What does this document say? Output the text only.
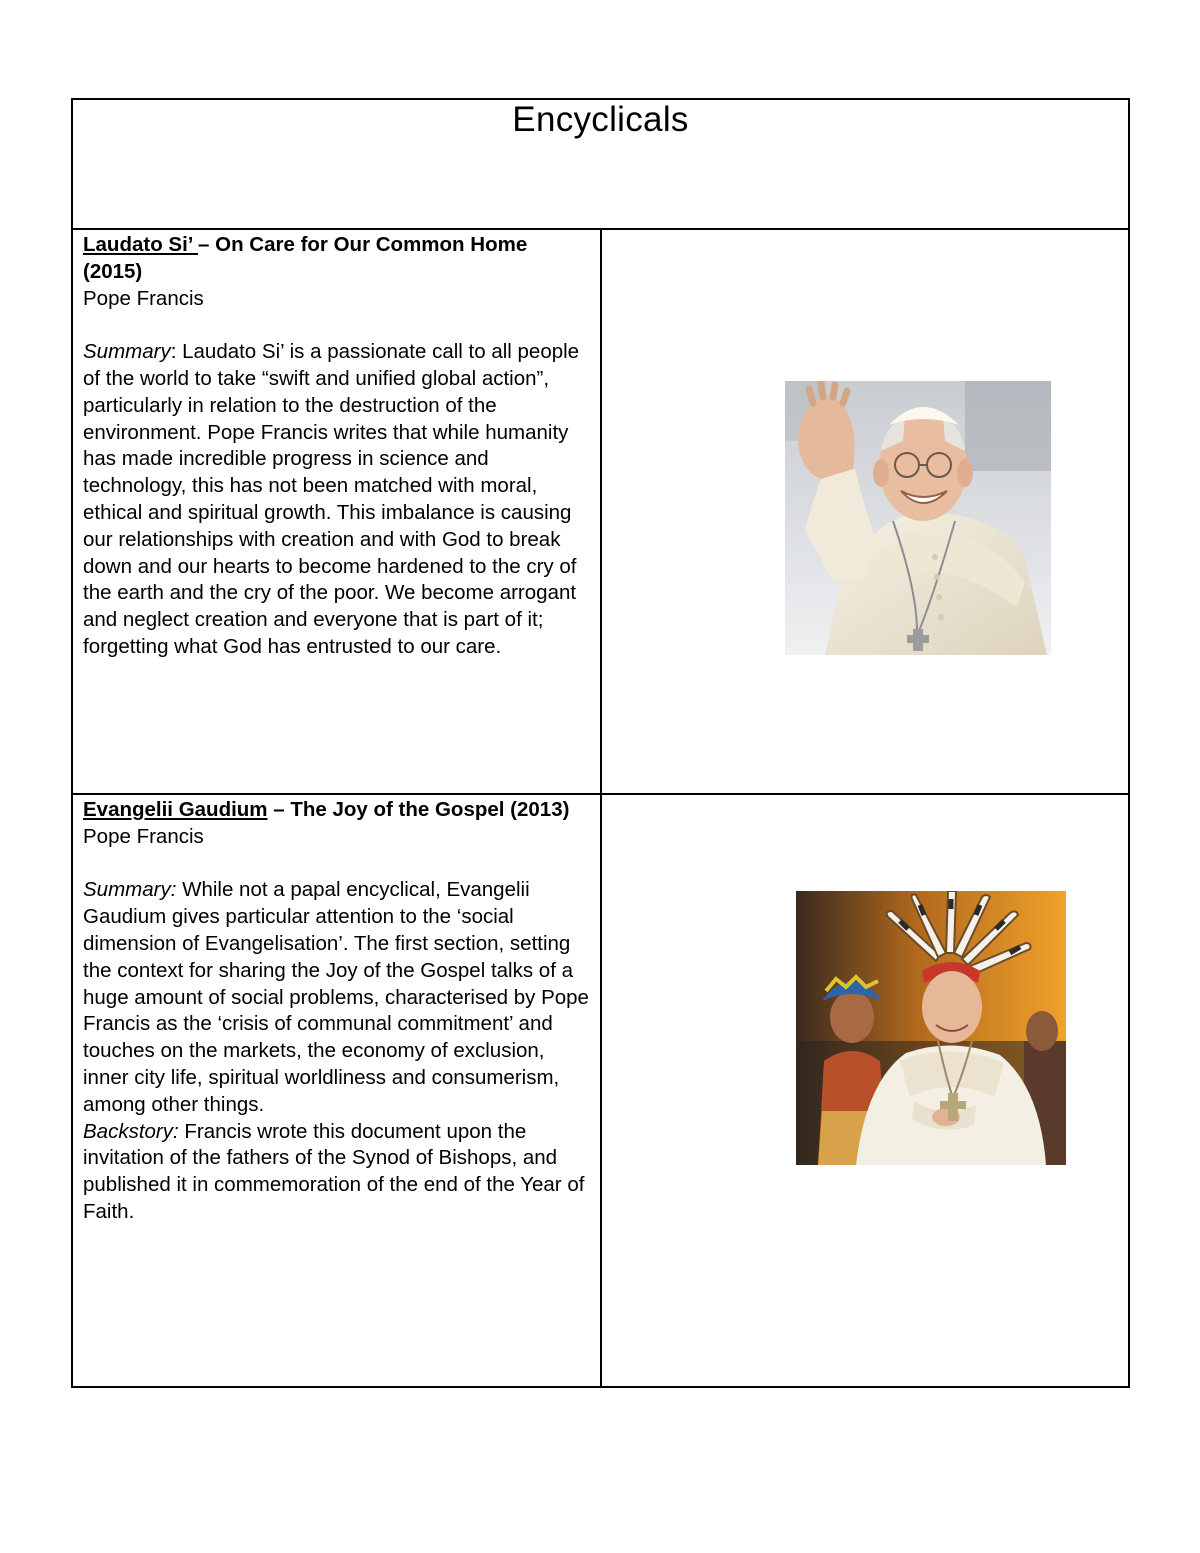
Encyclicals	

Laudato Si’ – On Care for Our Common Home (2015)
Pope Francis
Summary: Laudato Si’ is a passionate call to all people of the world to take “swift and unified global action”, particularly in relation to the destruction of the environment. Pope Francis writes that while humanity has made incredible progress in science and technology, this has not been matched with moral, ethical and spiritual growth. This imbalance is causing our relationships with creation and with God to break down and our hearts to become hardened to the cry of the earth and the cry of the poor. We become arrogant and neglect creation and everyone that is part of it; forgetting what God has entrusted to our care.

Evangelii Gaudium – The Joy of the Gospel (2013)
Pope Francis
Summary: While not a papal encyclical, Evangelii Gaudium gives particular attention to the ‘social dimension of Evangelisation’. The first section, setting the context for sharing the Joy of the Gospel talks of a huge amount of social problems, characterised by Pope Francis as the ‘crisis of communal commitment’ and touches on the markets, the economy of exclusion, inner city life, spiritual worldliness and consumerism, among other things.
Backstory: Francis wrote this document upon the invitation of the fathers of the Synod of Bishops, and published it in commemoration of the end of the Year of Faith.
